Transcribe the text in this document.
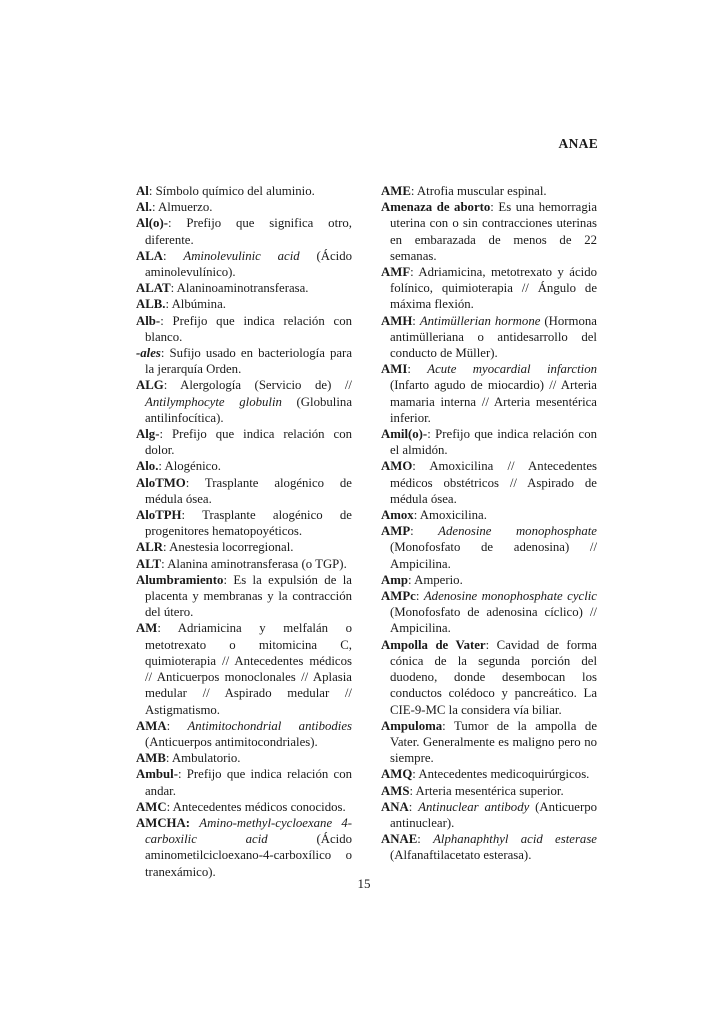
ANAE

Al: Símbolo químico del aluminio.

Al.: Almuerzo.

Al(o)-: Prefijo que significa otro, diferente.

ALA: Aminolevulinic acid (Ácido aminolevulínico).

ALAT: Alaninoaminotransferasa.

ALB.: Albúmina.

Alb-: Prefijo que indica relación con blanco.

-ales: Sufijo usado en bacteriología para la jerarquía Orden.

ALG: Alergología (Servicio de) // Antilymphocyte globulin (Globulina antilinfocítica).

Alg-: Prefijo que indica relación con dolor.

Alo.: Alogénico.

AloTMO: Trasplante alogénico de médula ósea.

AloTPH: Trasplante alogénico de progenitores hematopoyéticos.

ALR: Anestesia locorregional.

ALT: Alanina aminotransferasa (o TGP).

Alumbramiento: Es la expulsión de la placenta y membranas y la contracción del útero.

AM: Adriamicina y melfalán o metotrexato o mitomicina C, quimioterapia // Antecedentes médicos // Anticuerpos monoclonales // Aplasia medular // Aspirado medular // Astigmatismo.

AMA: Antimitochondrial antibodies (Anticuerpos antimitocondriales).

AMB: Ambulatorio.

Ambul-: Prefijo que indica relación con andar.

AMC: Antecedentes médicos conocidos.

AMCHA: Amino-methyl-cycloexane 4-carboxilic acid (Ácido aminometilcicloexano-4-carboxílico o tranexámico).

AME: Atrofia muscular espinal.

Amenaza de aborto: Es una hemorragia uterina con o sin contracciones uterinas en embarazada de menos de 22 semanas.

AMF: Adriamicina, metotrexato y ácido folínico, quimioterapia // Ángulo de máxima flexión.

AMH: Antimüllerian hormone (Hormona antimülleriana o antidesarrollo del conducto de Müller).

AMI: Acute myocardial infarction (Infarto agudo de miocardio) // Arteria mamaria interna // Arteria mesentérica inferior.

Amil(o)-: Prefijo que indica relación con el almidón.

AMO: Amoxicilina // Antecedentes médicos obstétricos // Aspirado de médula ósea.

Amox: Amoxicilina.

AMP: Adenosine monophosphate (Monofosfato de adenosina) // Ampicilina.

Amp: Amperio.

AMPc: Adenosine monophosphate cyclic (Monofosfato de adenosina cíclico) // Ampicilina.

Ampolla de Vater: Cavidad de forma cónica de la segunda porción del duodeno, donde desembocan los conductos colédoco y pancreático. La CIE-9-MC la considera vía biliar.

Ampuloma: Tumor de la ampolla de Vater. Generalmente es maligno pero no siempre.

AMQ: Antecedentes medicoquirúrgicos.

AMS: Arteria mesentérica superior.

ANA: Antinuclear antibody (Anticuerpo antinuclear).

ANAE: Alphanaphthyl acid esterase (Alfanaftilacetato esterasa).

15
